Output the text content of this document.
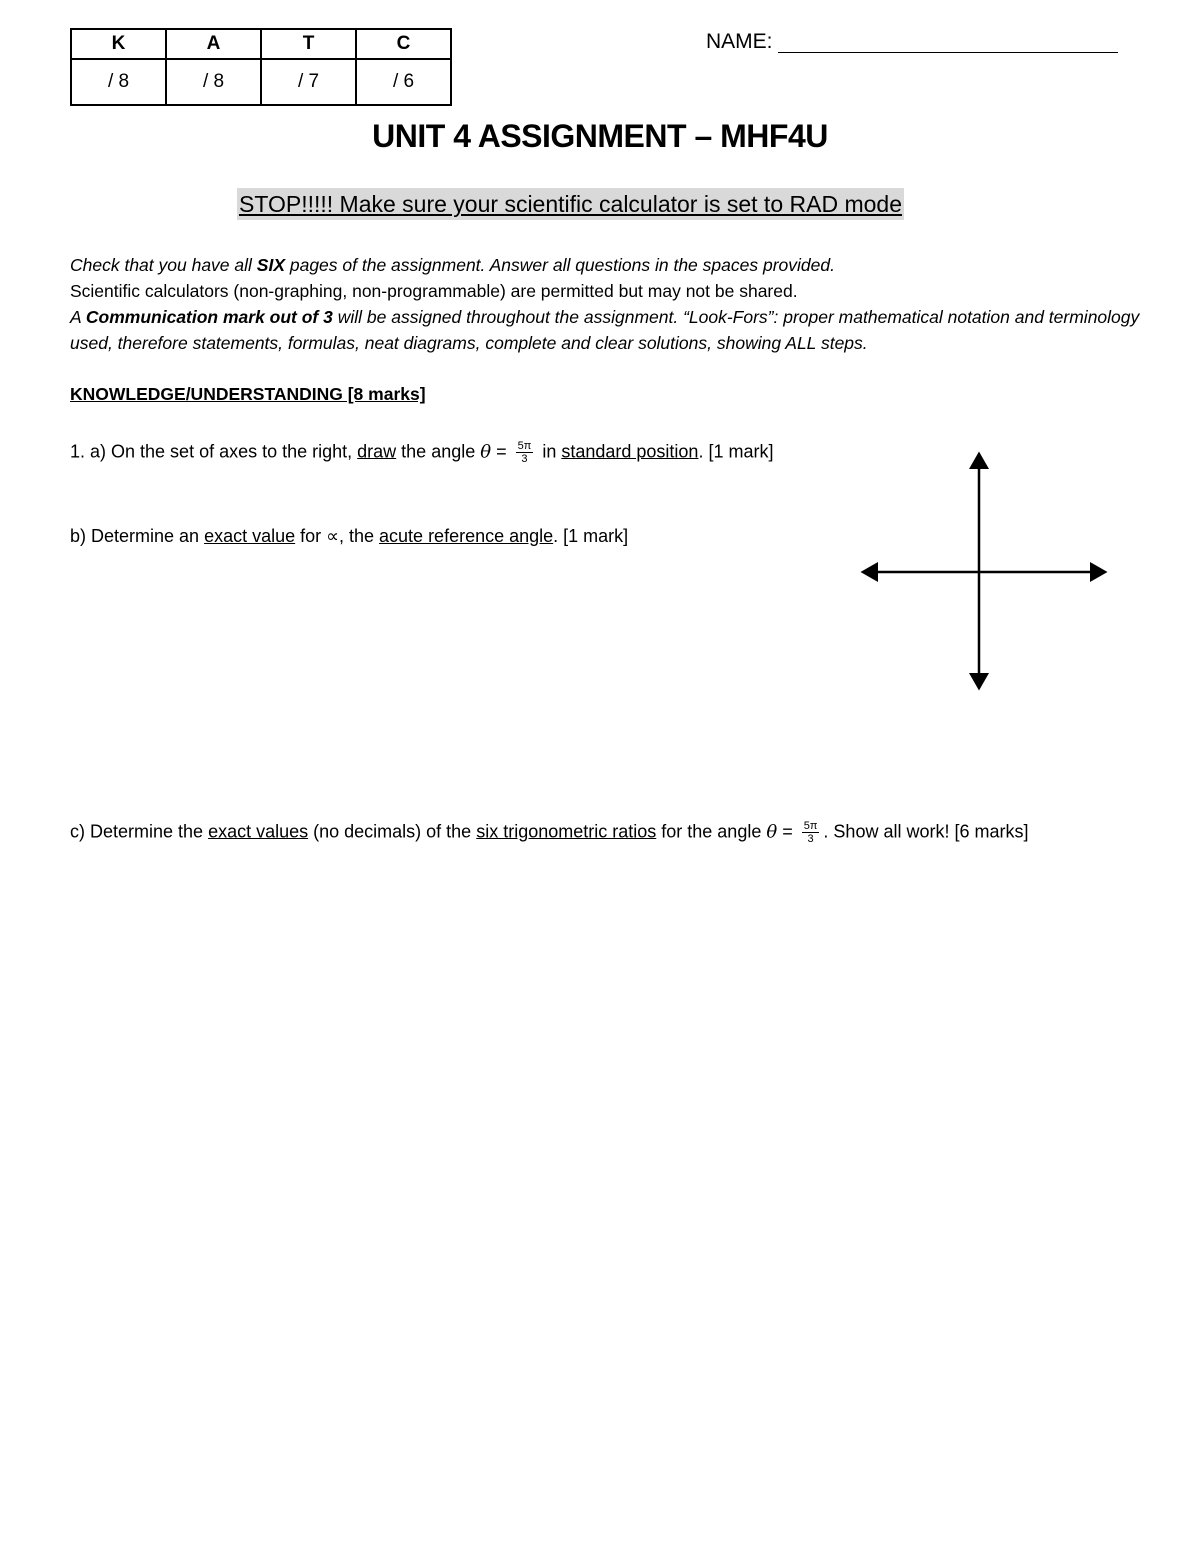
K	A	T	C
/ 8	/ 8	/ 7	/ 6
NAME:
UNIT 4 ASSIGNMENT – MHF4U
STOP!!!!! Make sure your scientific calculator is set to RAD mode

Check that you have all SIX pages of the assignment. Answer all questions in the spaces provided.

Scientific calculators (non-graphing, non-programmable) are permitted but may not be shared.

A Communication mark out of 3 will be assigned throughout the assignment. “Look-Fors”: proper mathematical notation and terminology used, therefore statements, formulas, neat diagrams, complete and clear solutions, showing ALL steps.

KNOWLEDGE/UNDERSTANDING [8 marks]
1. a) On the set of axes to the right, draw the angle $\theta = \frac{5\pi}{3}$ in standard position. [1 mark]
b) Determine an exact value for ∝, the acute reference angle. [1 mark]
c) Determine the exact values (no decimals) of the six trigonometric ratios for the angle $\theta = \frac{5\pi}{3}$ . Show all work! [6 marks]
